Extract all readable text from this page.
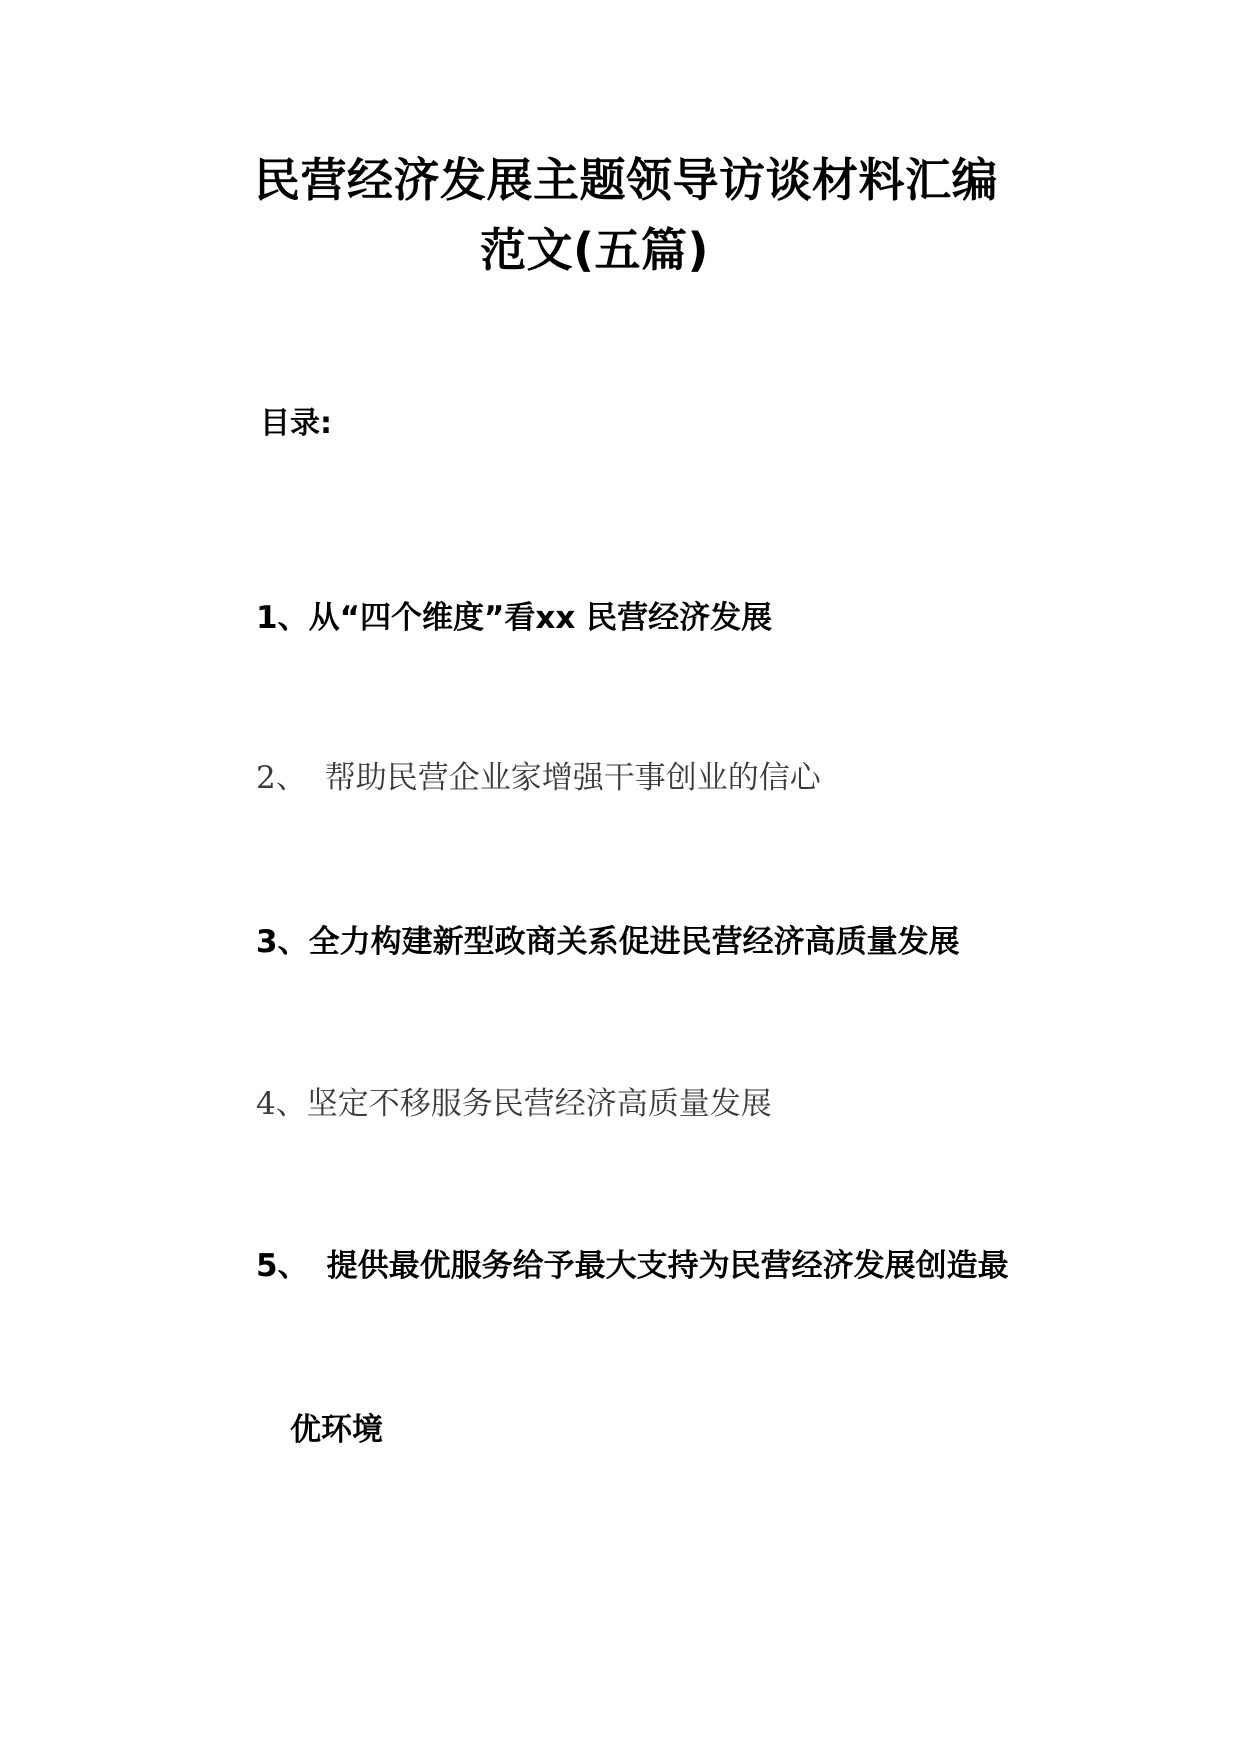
民营经济发展主题领导访谈材料汇编
范文(五篇)
目录:
1、从“四个维度”看xx 民营经济发展
2、 帮助民营企业家增强干事创业的信心
3、全力构建新型政商关系促进民营经济高质量发展
4、坚定不移服务民营经济高质量发展
5、 提供最优服务给予最大支持为民营经济发展创造最
优环境
